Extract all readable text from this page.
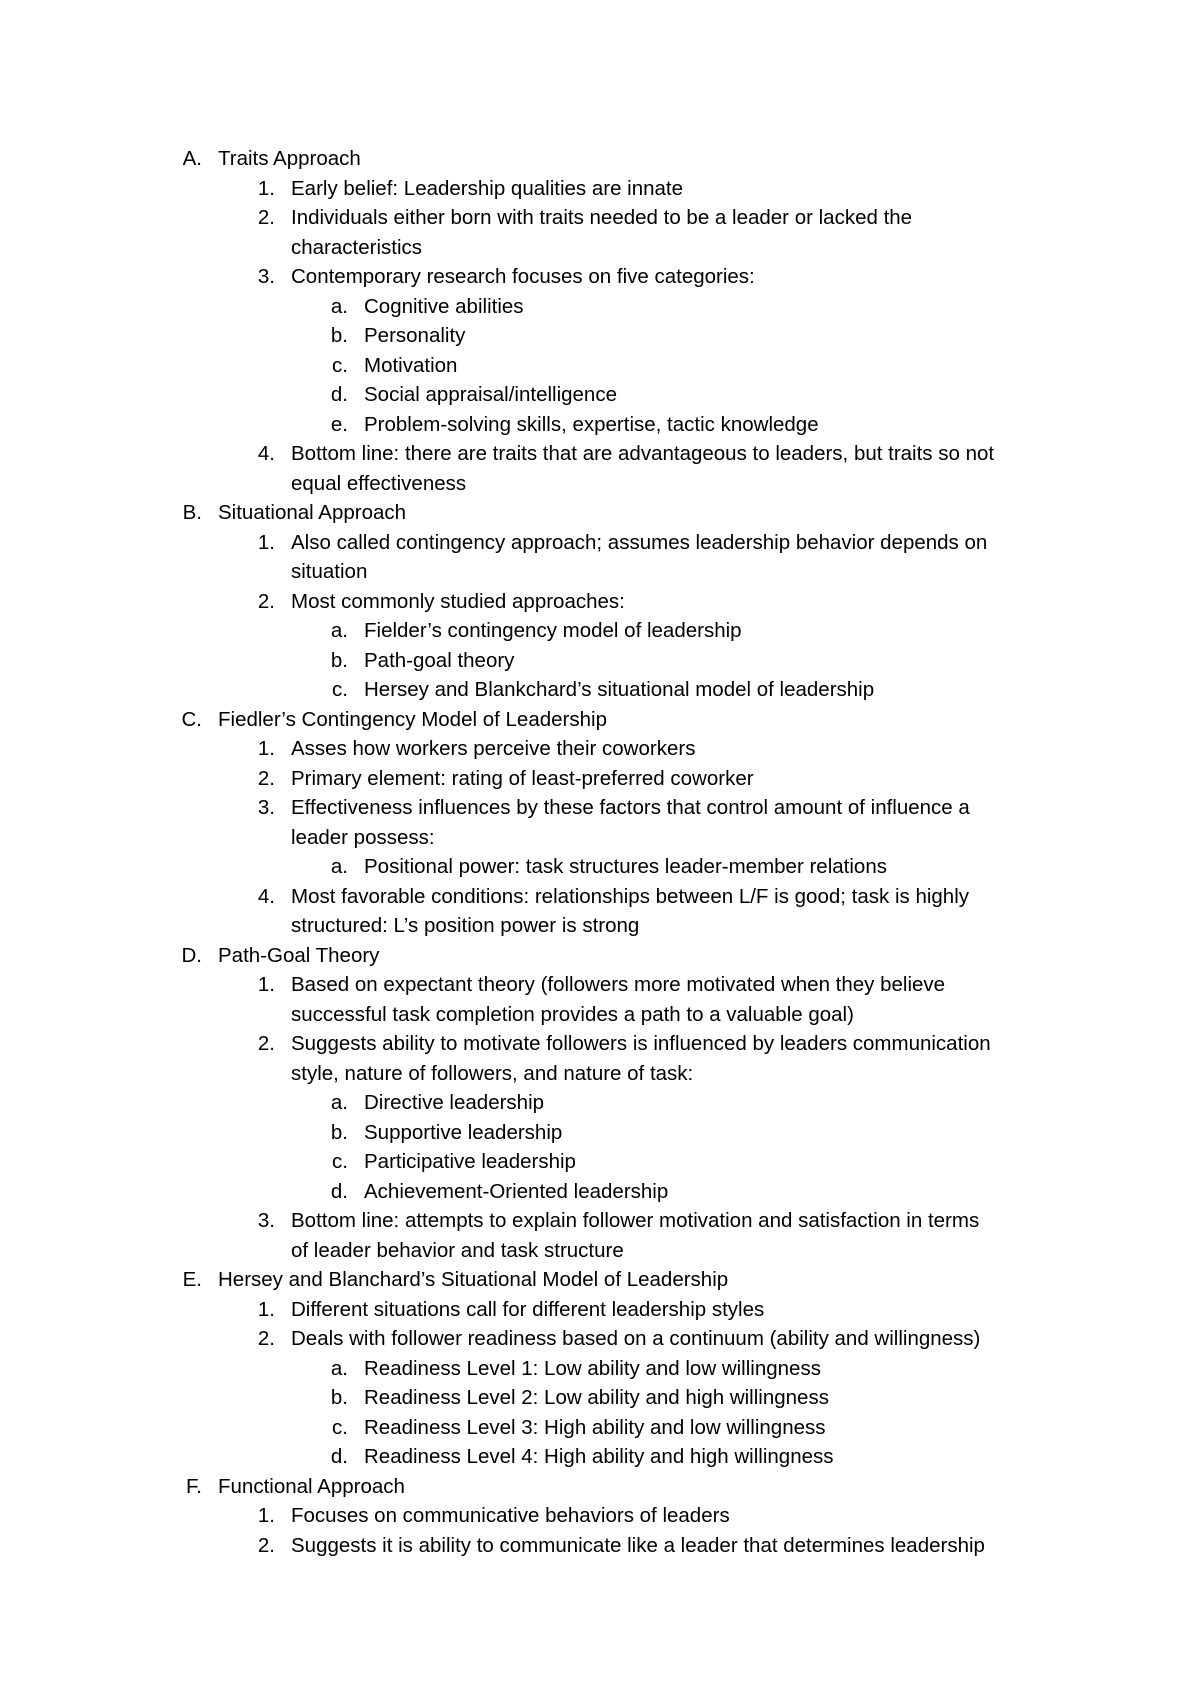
A. Traits Approach
1. Early belief: Leadership qualities are innate
2. Individuals either born with traits needed to be a leader or lacked the
characteristics
3. Contemporary research focuses on five categories:
a. Cognitive abilities
b. Personality
c. Motivation
d. Social appraisal/intelligence
e. Problem-solving skills, expertise, tactic knowledge
4. Bottom line: there are traits that are advantageous to leaders, but traits so not
equal effectiveness
B. Situational Approach
1. Also called contingency approach; assumes leadership behavior depends on
situation
2. Most commonly studied approaches:
a. Fielder’s contingency model of leadership
b. Path-goal theory
c. Hersey and Blankchard’s situational model of leadership
C. Fiedler’s Contingency Model of Leadership
1. Asses how workers perceive their coworkers
2. Primary element: rating of least-preferred coworker
3. Effectiveness influences by these factors that control amount of influence a
leader possess:
a. Positional power: task structures leader-member relations
4. Most favorable conditions: relationships between L/F is good; task is highly
structured: L’s position power is strong
D. Path-Goal Theory
1. Based on expectant theory (followers more motivated when they believe
successful task completion provides a path to a valuable goal)
2. Suggests ability to motivate followers is influenced by leaders communication
style, nature of followers, and nature of task:
a. Directive leadership
b. Supportive leadership
c. Participative leadership
d. Achievement-Oriented leadership
3. Bottom line: attempts to explain follower motivation and satisfaction in terms
of leader behavior and task structure
E. Hersey and Blanchard’s Situational Model of Leadership
1. Different situations call for different leadership styles
2. Deals with follower readiness based on a continuum (ability and willingness)
a. Readiness Level 1: Low ability and low willingness
b. Readiness Level 2: Low ability and high willingness
c. Readiness Level 3: High ability and low willingness
d. Readiness Level 4: High ability and high willingness
F. Functional Approach
1. Focuses on communicative behaviors of leaders
2. Suggests it is ability to communicate like a leader that determines leadership
